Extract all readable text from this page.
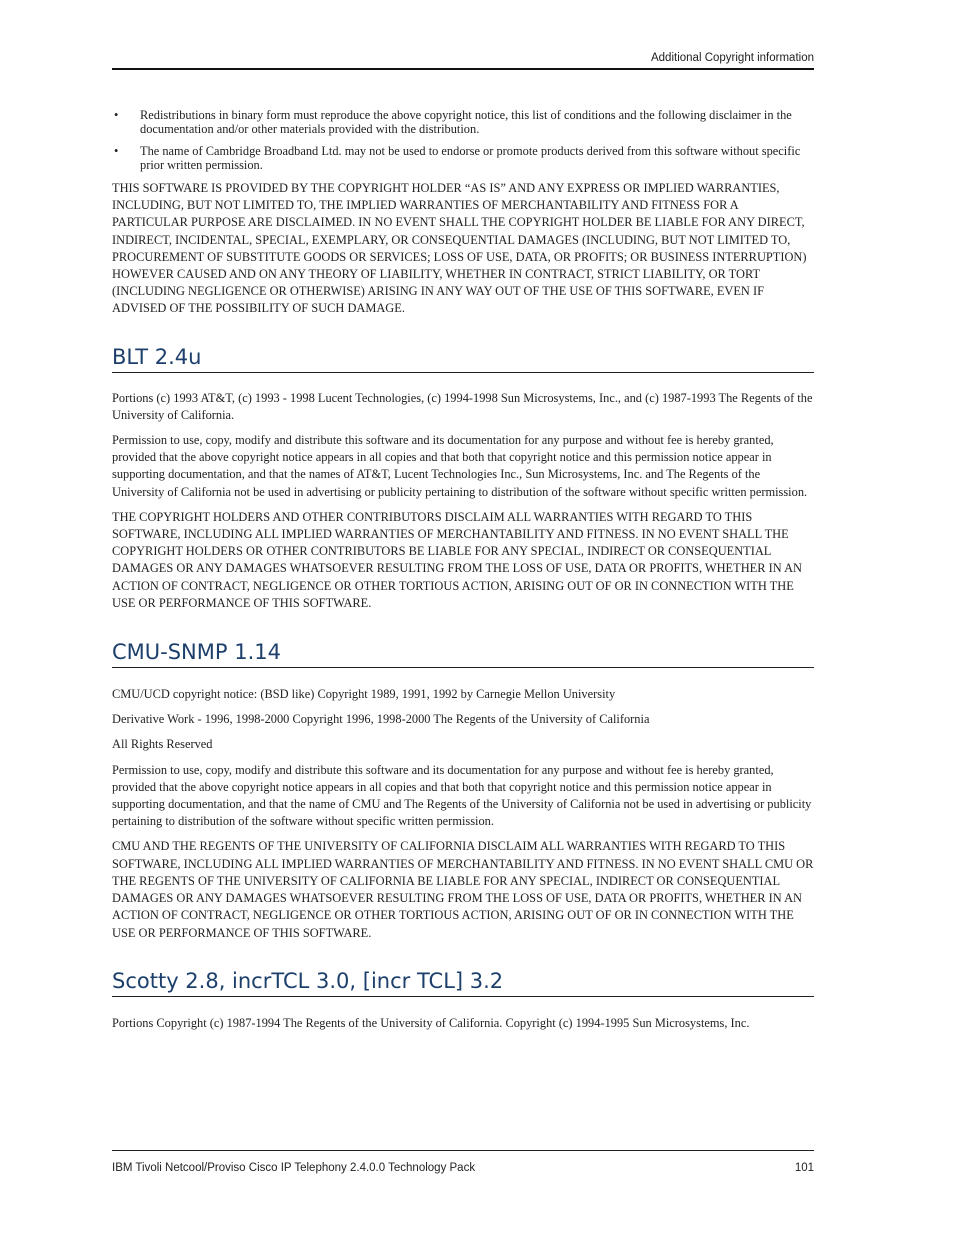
Additional Copyright information
• Redistributions in binary form must reproduce the above copyright notice, this list of conditions and the following disclaimer in the documentation and/or other materials provided with the distribution.
• The name of Cambridge Broadband Ltd. may not be used to endorse or promote products derived from this software without specific prior written permission.

THIS SOFTWARE IS PROVIDED BY THE COPYRIGHT HOLDER “AS IS” AND ANY EXPRESS OR IMPLIED WARRANTIES, INCLUDING, BUT NOT LIMITED TO, THE IMPLIED WARRANTIES OF MERCHANTABILITY AND FITNESS FOR A PARTICULAR PURPOSE ARE DISCLAIMED. IN NO EVENT SHALL THE COPYRIGHT HOLDER BE LIABLE FOR ANY DIRECT, INDIRECT, INCIDENTAL, SPECIAL, EXEMPLARY, OR CONSEQUENTIAL DAMAGES (INCLUDING, BUT NOT LIMITED TO, PROCUREMENT OF SUBSTITUTE GOODS OR SERVICES; LOSS OF USE, DATA, OR PROFITS; OR BUSINESS INTERRUPTION) HOWEVER CAUSED AND ON ANY THEORY OF LIABILITY, WHETHER IN CONTRACT, STRICT LIABILITY, OR TORT (INCLUDING NEGLIGENCE OR OTHERWISE) ARISING IN ANY WAY OUT OF THE USE OF THIS SOFTWARE, EVEN IF ADVISED OF THE POSSIBILITY OF SUCH DAMAGE.

BLT 2.4u

Portions (c) 1993 AT&T, (c) 1993 - 1998 Lucent Technologies, (c) 1994-1998 Sun Microsystems, Inc., and (c) 1987-1993 The Regents of the University of California.

Permission to use, copy, modify and distribute this software and its documentation for any purpose and without fee is hereby granted, provided that the above copyright notice appears in all copies and that both that copyright notice and this permission notice appear in supporting documentation, and that the names of AT&T, Lucent Technologies Inc., Sun Microsystems, Inc. and The Regents of the University of California not be used in advertising or publicity pertaining to distribution of the software without specific written permission.

THE COPYRIGHT HOLDERS AND OTHER CONTRIBUTORS DISCLAIM ALL WARRANTIES WITH REGARD TO THIS SOFTWARE, INCLUDING ALL IMPLIED WARRANTIES OF MERCHANTABILITY AND FITNESS. IN NO EVENT SHALL THE COPYRIGHT HOLDERS OR OTHER CONTRIBUTORS BE LIABLE FOR ANY SPECIAL, INDIRECT OR CONSEQUENTIAL DAMAGES OR ANY DAMAGES WHATSOEVER RESULTING FROM THE LOSS OF USE, DATA OR PROFITS, WHETHER IN AN ACTION OF CONTRACT, NEGLIGENCE OR OTHER TORTIOUS ACTION, ARISING OUT OF OR IN CONNECTION WITH THE USE OR PERFORMANCE OF THIS SOFTWARE.

CMU-SNMP 1.14

CMU/UCD copyright notice: (BSD like) Copyright 1989, 1991, 1992 by Carnegie Mellon University

Derivative Work - 1996, 1998-2000 Copyright 1996, 1998-2000 The Regents of the University of California

All Rights Reserved

Permission to use, copy, modify and distribute this software and its documentation for any purpose and without fee is hereby granted, provided that the above copyright notice appears in all copies and that both that copyright notice and this permission notice appear in supporting documentation, and that the name of CMU and The Regents of the University of California not be used in advertising or publicity pertaining to distribution of the software without specific written permission.

CMU AND THE REGENTS OF THE UNIVERSITY OF CALIFORNIA DISCLAIM ALL WARRANTIES WITH REGARD TO THIS SOFTWARE, INCLUDING ALL IMPLIED WARRANTIES OF MERCHANTABILITY AND FITNESS. IN NO EVENT SHALL CMU OR THE REGENTS OF THE UNIVERSITY OF CALIFORNIA BE LIABLE FOR ANY SPECIAL, INDIRECT OR CONSEQUENTIAL DAMAGES OR ANY DAMAGES WHATSOEVER RESULTING FROM THE LOSS OF USE, DATA OR PROFITS, WHETHER IN AN ACTION OF CONTRACT, NEGLIGENCE OR OTHER TORTIOUS ACTION, ARISING OUT OF OR IN CONNECTION WITH THE USE OR PERFORMANCE OF THIS SOFTWARE.

Scotty 2.8, incrTCL 3.0, [incr TCL] 3.2

Portions Copyright (c) 1987-1994 The Regents of the University of California. Copyright (c) 1994-1995 Sun Microsystems, Inc.

IBM Tivoli Netcool/Proviso Cisco IP Telephony 2.4.0.0 Technology Pack	101
